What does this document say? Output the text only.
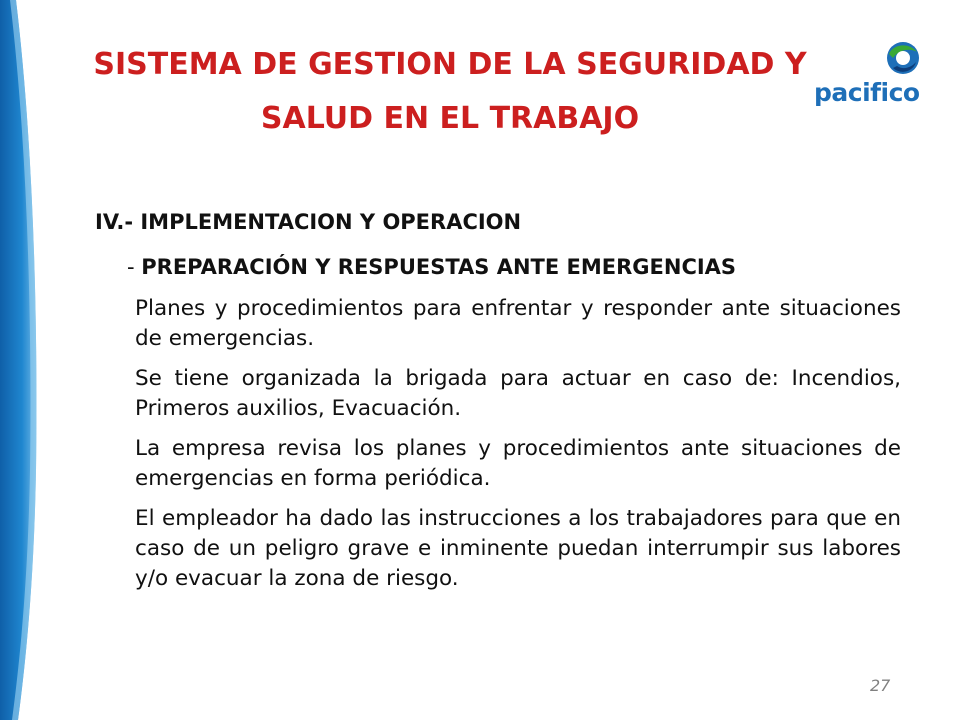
SISTEMA DE GESTION DE LA SEGURIDAD Y
SALUD EN EL TRABAJO
pacifico
IV.- IMPLEMENTACION Y OPERACION
- PREPARACIÓN Y RESPUESTAS ANTE EMERGENCIAS

Planes y procedimientos para enfrentar y responder ante situaciones de emergencias.

Se tiene organizada la brigada para actuar en caso de: Incendios, Primeros auxilios, Evacuación.

La empresa revisa los planes y procedimientos ante situaciones de emergencias en forma periódica.

El empleador ha dado las instrucciones a los trabajadores para que en caso de un peligro grave e inminente puedan interrumpir sus labores y/o evacuar la zona de riesgo.

27
